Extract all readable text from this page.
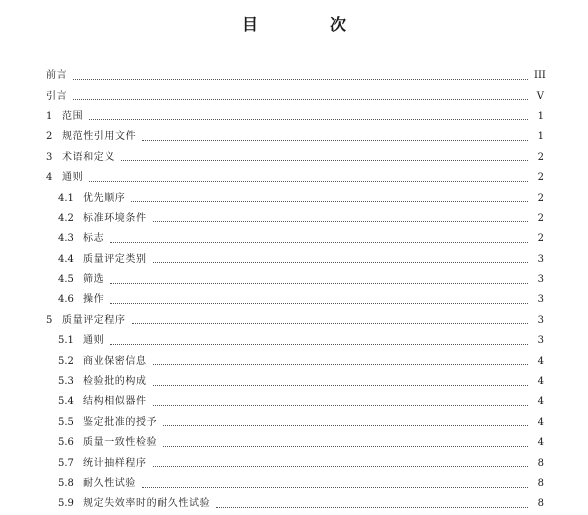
目　次
前言	III
引言	V
1 范围	1
2 规范性引用文件	1
3 术语和定义	2
4 通则	2
4.1 优先顺序	2
4.2 标准环境条件	2
4.3 标志	2
4.4 质量评定类别	3
4.5 筛选	3
4.6 操作	3
5 质量评定程序	3
5.1 通则	3
5.2 商业保密信息	4
5.3 检验批的构成	4
5.4 结构相似器件	4
5.5 鉴定批准的授予	4
5.6 质量一致性检验	4
5.7 统计抽样程序	8
5.8 耐久性试验	8
5.9 规定失效率时的耐久性试验	8
